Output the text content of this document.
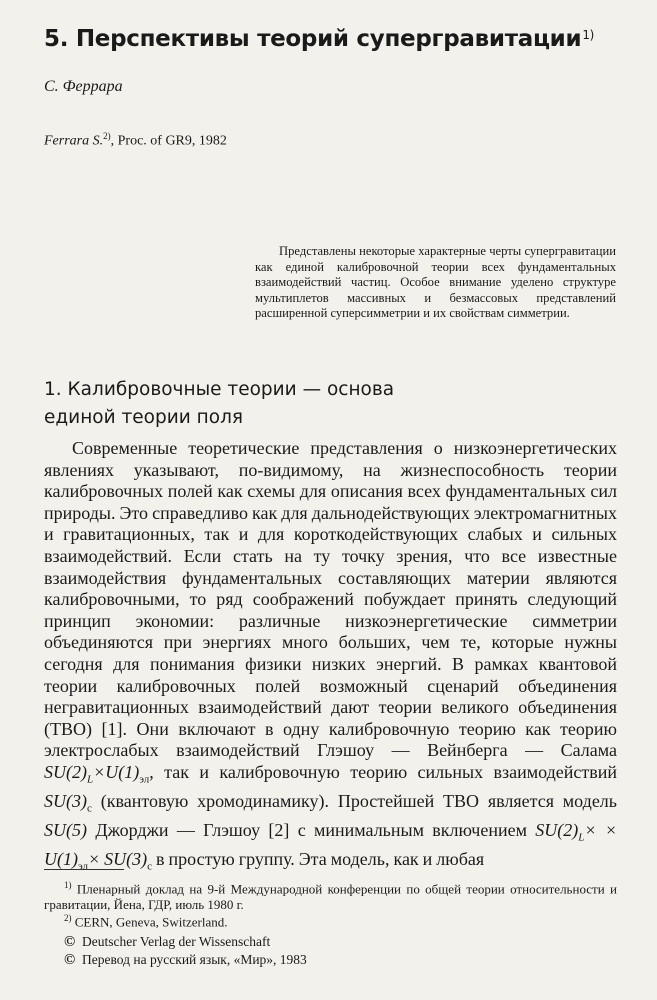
5. Перспективы теорий супергравитации$^{1)}$
С. Феррара
Ferrara S.$^{2)}$, Proc. of GR9, 1982
Представлены некоторые характерные черты супергравитации как единой калибровочной теории всех фундаментальных взаимодействий частиц. Особое внимание уделено структуре мультиплетов массивных и безмассовых представлений расширенной суперсимметрии и их свойствам симметрии.
1. Калибровочные теории — основа
единой теории поля
Современные теоретические представления о низкоэнергетических явлениях указывают, по-видимому, на жизнеспособность теории калибровочных полей как схемы для описания всех фундаментальных сил природы. Это справедливо как для дальнодействующих электромагнитных и гравитационных, так и для короткодействующих слабых и сильных взаимодействий. Если стать на ту точку зрения, что все известные взаимодействия фундаментальных составляющих материи являются калибровочными, то ряд соображений побуждает принять следующий принцип экономии: различные низкоэнергетические симметрии объединяются при энергиях много больших, чем те, которые нужны сегодня для понимания физики низких энергий. В рамках квантовой теории калибровочных полей возможный сценарий объединения негравитационных взаимодействий дают теории великого объединения (ТВО) [1]. Они включают в одну калибровочную теорию как теорию электрослабых взаимодействий Глэшоу — Вейнберга — Салама $SU(2)_L\times U(1)_{эл}$, так и калибровочную теорию сильных взаимодействий $SU(3)_c$ (квантовую хромодинамику). Простейшей ТВО является модель SU(5) Джорджи — Глэшоу [2] с минимальным включением $SU(2)_L\times \times U(1)_{эл}\times SU(3)_c$ в простую группу. Эта модель, как и любая
$^{1)}$ Пленарный доклад на 9-й Международной конференции по общей теории относительности и гравитации, Йена, ГДР, июль 1980 г.
$^{2)}$ CERN, Geneva, Switzerland.
© Deutscher Verlag der Wissenschaft
© Перевод на русский язык, «Мир», 1983
